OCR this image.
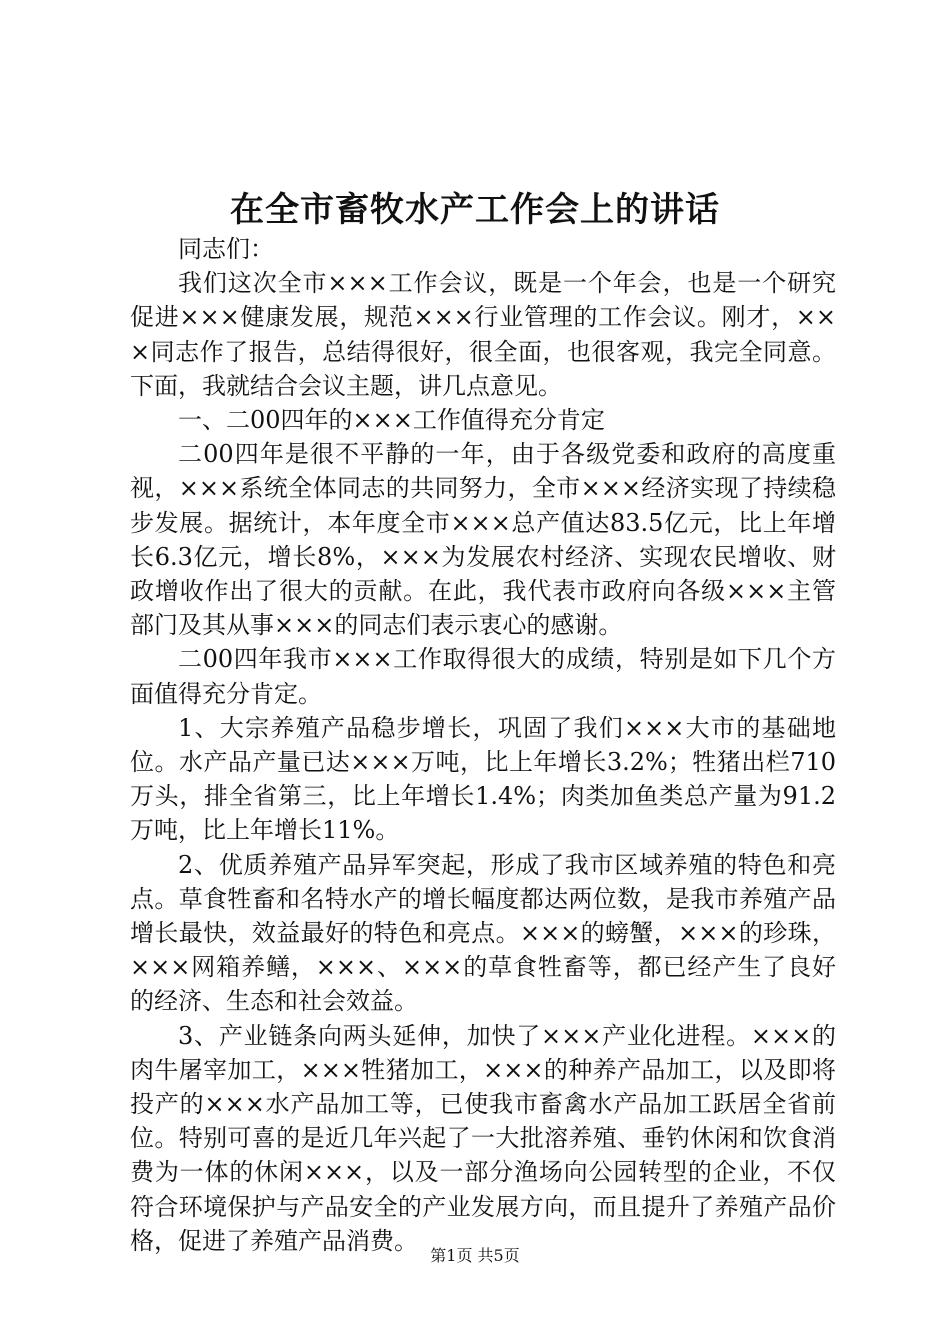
在全市畜牧水产工作会上的讲话

同志们：

我们这次全市×××工作会议，既是一个年会，也是一个研究促进×××健康发展，规范×××行业管理的工作会议。刚才，×××同志作了报告，总结得很好，很全面，也很客观，我完全同意。下面，我就结合会议主题，讲几点意见。

一、二00四年的×××工作值得充分肯定

二00四年是很不平静的一年，由于各级党委和政府的高度重视，×××系统全体同志的共同努力，全市×××经济实现了持续稳步发展。据统计，本年度全市×××总产值达83.5亿元，比上年增长6.3亿元，增长8%，×××为发展农村经济、实现农民增收、财政增收作出了很大的贡献。在此，我代表市政府向各级×××主管部门及其从事×××的同志们表示衷心的感谢。

二00四年我市×××工作取得很大的成绩，特别是如下几个方面值得充分肯定。

1、大宗养殖产品稳步增长，巩固了我们×××大市的基础地位。水产品产量已达×××万吨，比上年增长3.2%；牲猪出栏710万头，排全省第三，比上年增长1.4%；肉类加鱼类总产量为91.2万吨，比上年增长11%。

2、优质养殖产品异军突起，形成了我市区域养殖的特色和亮点。草食牲畜和名特水产的增长幅度都达两位数，是我市养殖产品增长最快，效益最好的特色和亮点。×××的螃蟹，×××的珍珠，×××网箱养鳝，×××、×××的草食牲畜等，都已经产生了良好的经济、生态和社会效益。

3、产业链条向两头延伸，加快了×××产业化进程。×××的肉牛屠宰加工，×××牲猪加工，×××的种养产品加工，以及即将投产的×××水产品加工等，已使我市畜禽水产品加工跃居全省前位。特别可喜的是近几年兴起了一大批溶养殖、垂钓休闲和饮食消费为一体的休闲×××，以及一部分渔场向公园转型的企业，不仅符合环境保护与产品安全的产业发展方向，而且提升了养殖产品价格，促进了养殖产品消费。

第1页 共5页
